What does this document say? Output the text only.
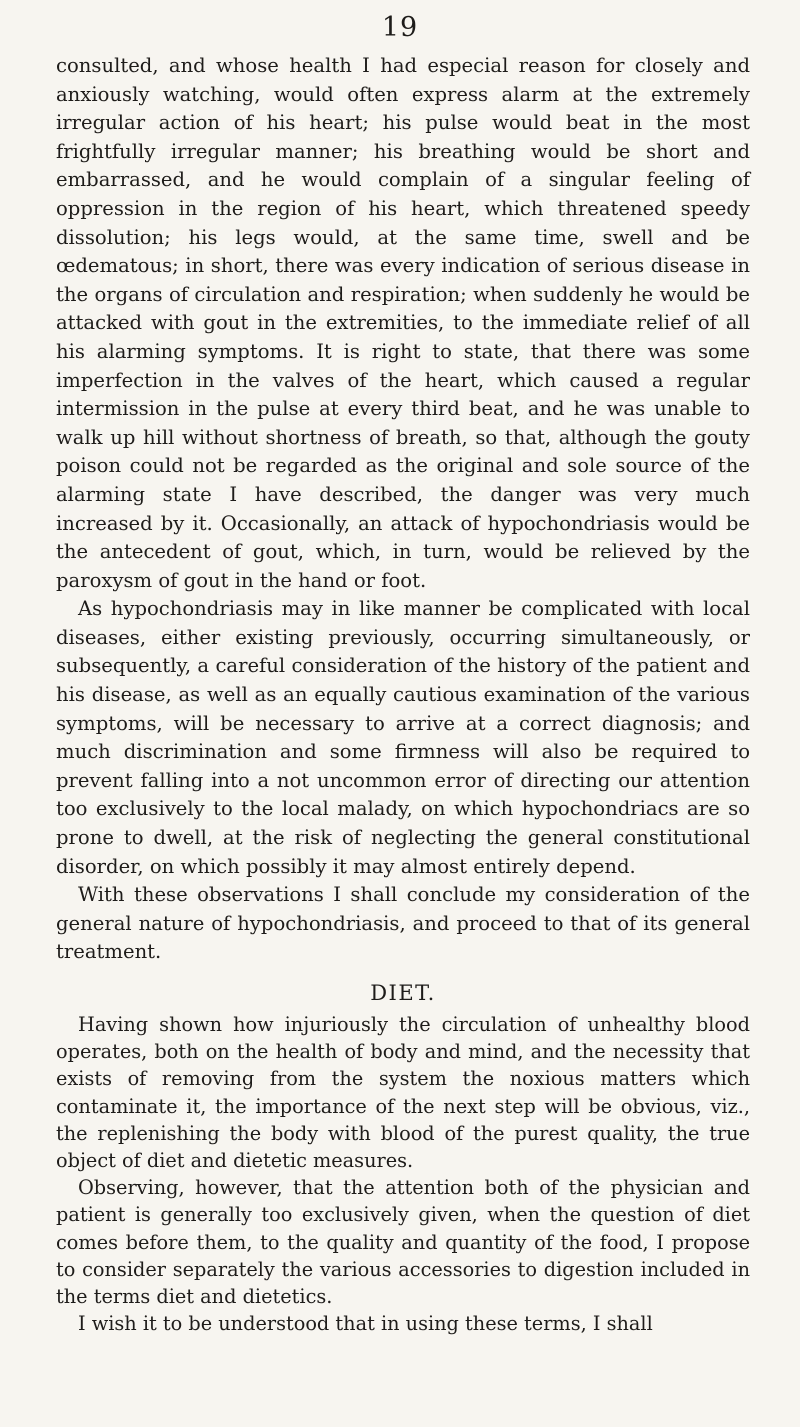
19

consulted, and whose health I had especial reason for closely and anxiously watching, would often express alarm at the extremely irregular action of his heart; his pulse would beat in the most frightfully irregular manner; his breathing would be short and embarrassed, and he would complain of a singular feeling of oppression in the region of his heart, which threatened speedy dissolution; his legs would, at the same time, swell and be œdematous; in short, there was every indication of serious disease in the organs of circulation and respiration; when suddenly he would be attacked with gout in the extremities, to the immediate relief of all his alarming symptoms. It is right to state, that there was some imperfection in the valves of the heart, which caused a regular intermission in the pulse at every third beat, and he was unable to walk up hill without shortness of breath, so that, although the gouty poison could not be regarded as the original and sole source of the alarming state I have described, the danger was very much increased by it. Occasionally, an attack of hypochondriasis would be the antecedent of gout, which, in turn, would be relieved by the paroxysm of gout in the hand or foot.

As hypochondriasis may in like manner be complicated with local diseases, either existing previously, occurring simultaneously, or subsequently, a careful consideration of the history of the patient and his disease, as well as an equally cautious examination of the various symptoms, will be necessary to arrive at a correct diagnosis; and much discrimination and some firmness will also be required to prevent falling into a not uncommon error of directing our attention too exclusively to the local malady, on which hypochondriacs are so prone to dwell, at the risk of neglecting the general constitutional disorder, on which possibly it may almost entirely depend.

With these observations I shall conclude my consideration of the general nature of hypochondriasis, and proceed to that of its general treatment.

DIET.

Having shown how injuriously the circulation of unhealthy blood operates, both on the health of body and mind, and the necessity that exists of removing from the system the noxious matters which contaminate it, the importance of the next step will be obvious, viz., the replenishing the body with blood of the purest quality, the true object of diet and dietetic measures.

Observing, however, that the attention both of the physician and patient is generally too exclusively given, when the question of diet comes before them, to the quality and quantity of the food, I propose to consider separately the various accessories to digestion included in the terms diet and dietetics.

I wish it to be understood that in using these terms, I shall
